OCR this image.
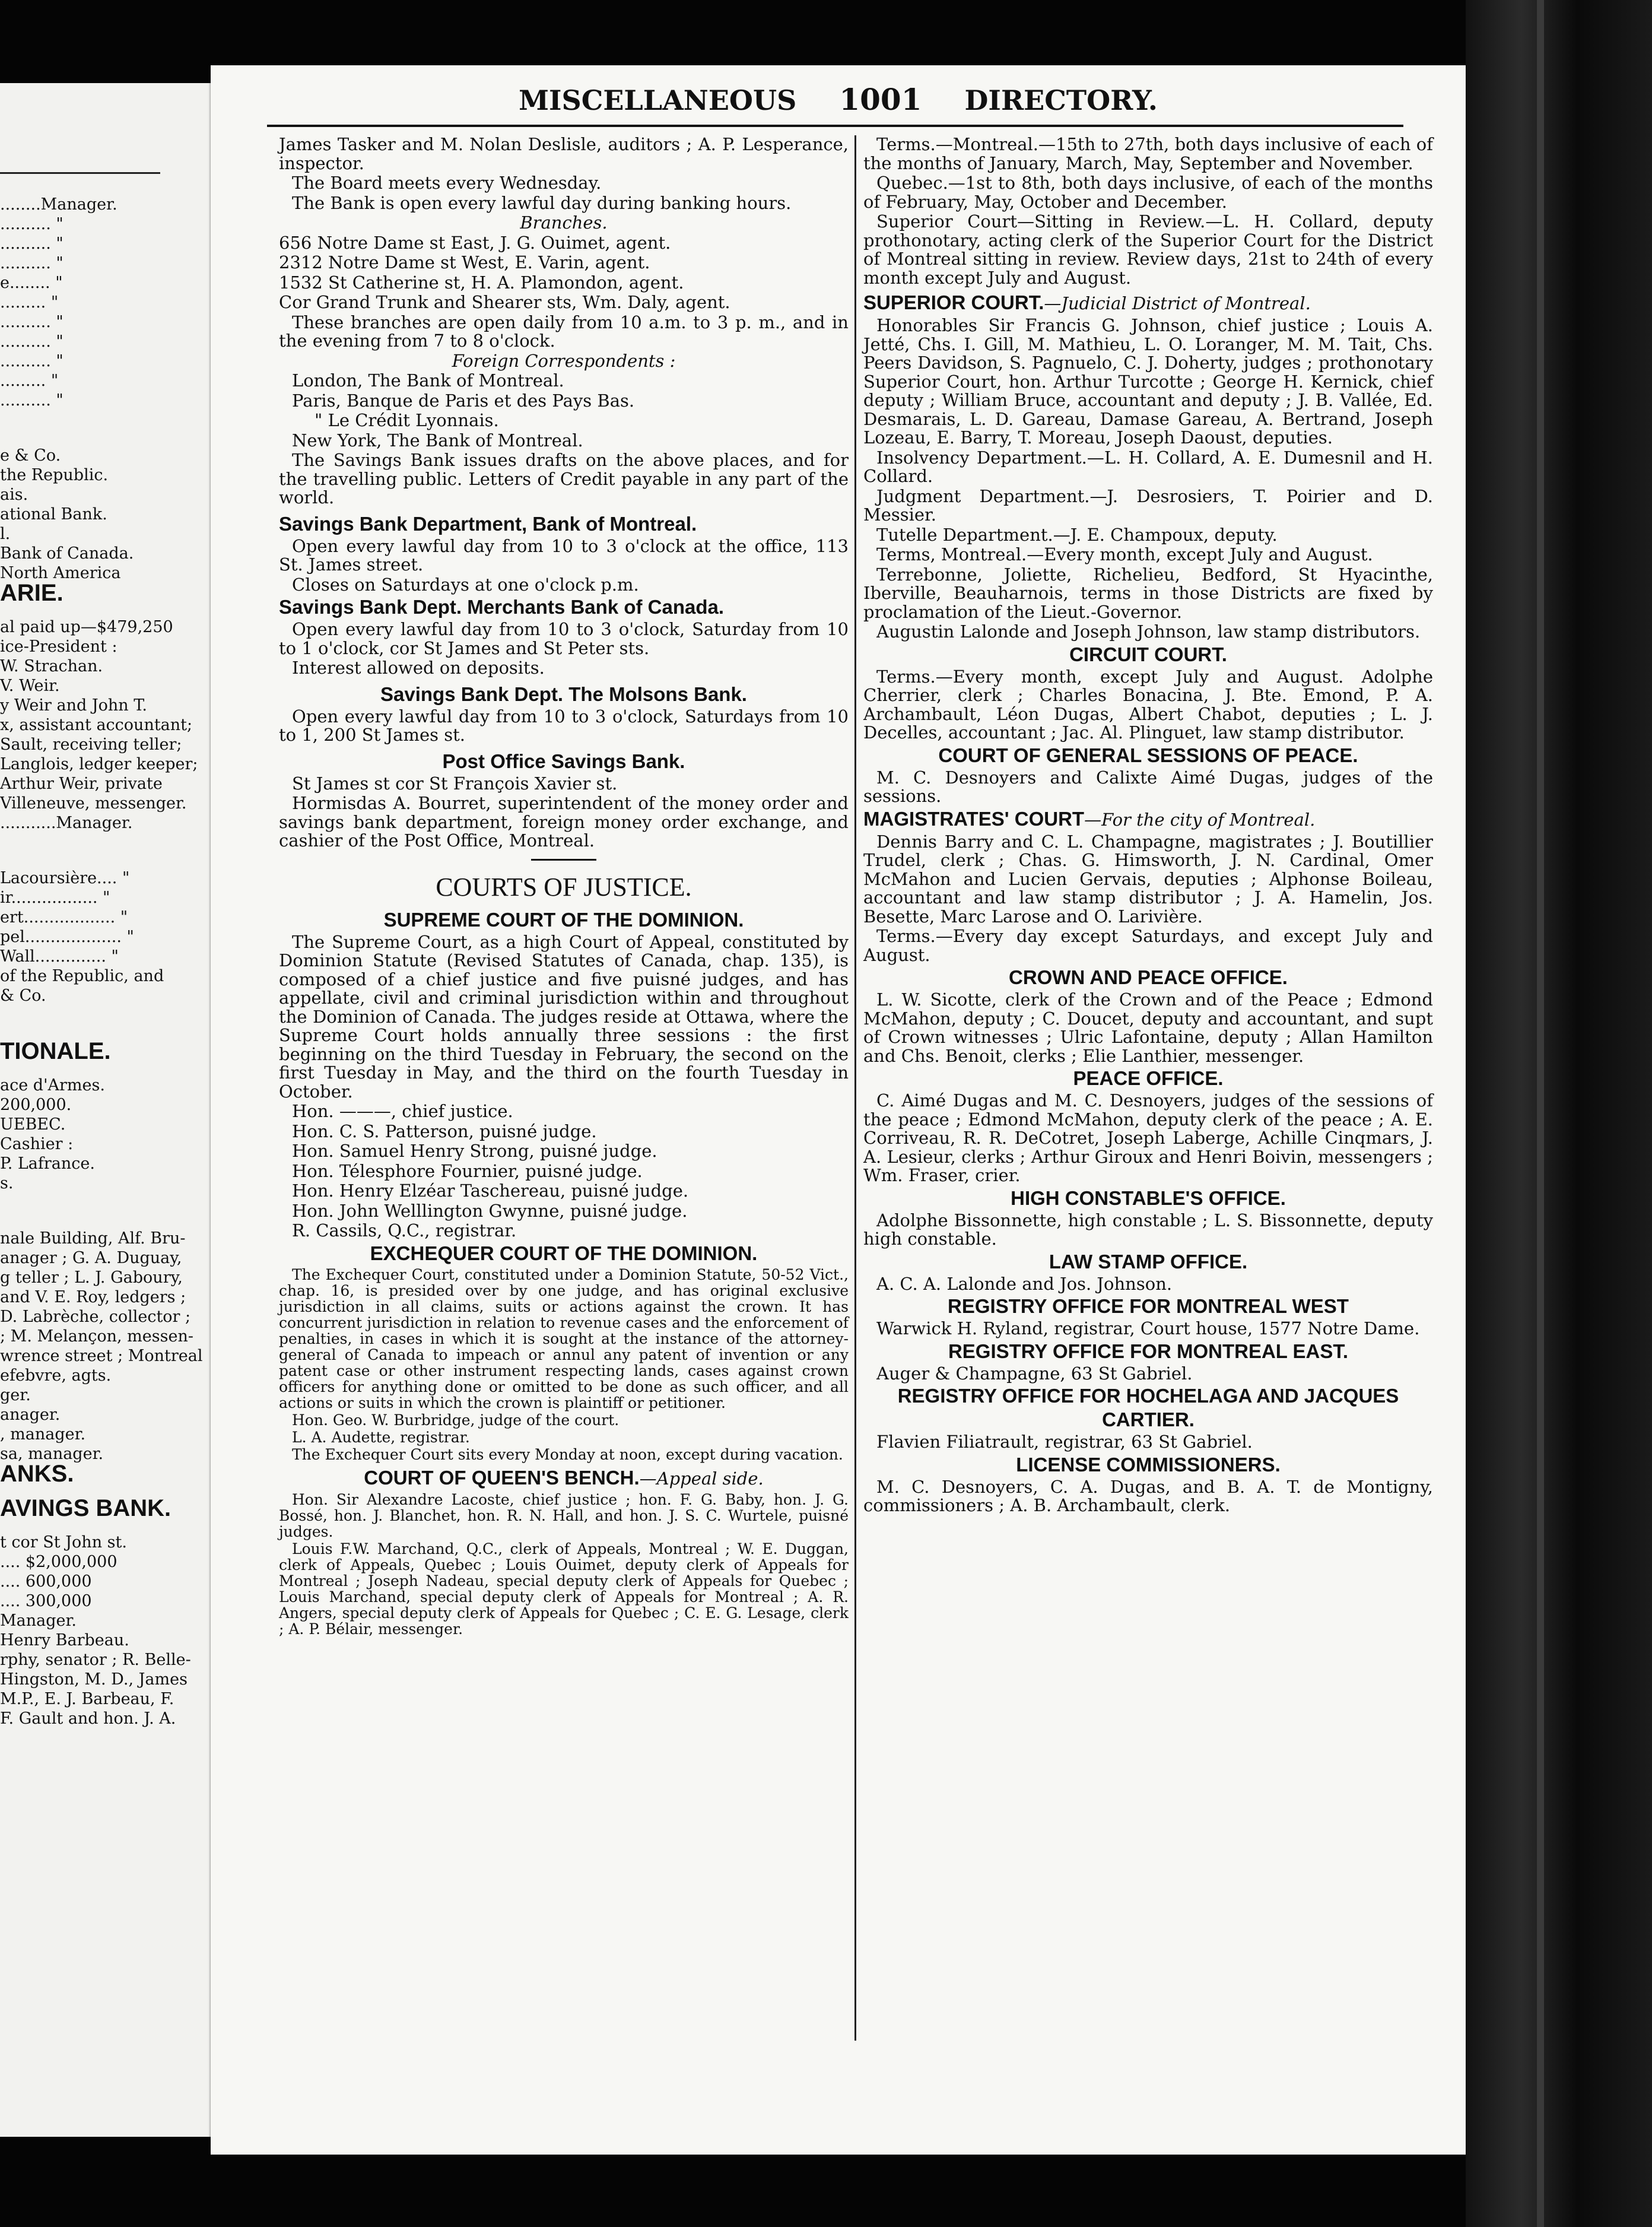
........Manager.
.......... "
.......... "
.......... "
e........ "
......... "
.......... "
.......... "
.......... "
......... "
.......... "
e & Co.
the Republic.
ais.
ational Bank.
l.
Bank of Canada.
North America
ARIE.
al paid up—$479,250
ice-President :
W. Strachan.
V. Weir.
y Weir and John T.
x, assistant accountant;
Sault, receiving teller;
Langlois, ledger keeper;
Arthur Weir, private
Villeneuve, messenger.
...........Manager.
Lacoursière.... "
ir................. "
ert.................. "
pel................... "
Wall.............. "
of the Republic, and
& Co.
TIONALE.
ace d'Armes.
200,000.
UEBEC.
Cashier :
P. Lafrance.
s.
nale Building, Alf. Bru-
anager ; G. A. Duguay,
g teller ; L. J. Gaboury,
and V. E. Roy, ledgers ;
D. Labrèche, collector ;
; M. Melançon, messen-
wrence street ; Montreal
efebvre, agts.
ger.
anager.
, manager.
sa, manager.
ANKS.
AVINGS BANK.
t cor St John st.
.... $2,000,000
.... 600,000
.... 300,000
Manager.
Henry Barbeau.
rphy, senator ; R. Belle-
Hingston, M. D., James
M.P., E. J. Barbeau, F.
F. Gault and hon. J. A.
MISCELLANEOUS 1001 DIRECTORY.

James Tasker and M. Nolan Deslisle, auditors ; A. P. Lesperance, inspector.

The Board meets every Wednesday.

The Bank is open every lawful day during banking hours.

Branches.

656 Notre Dame st East, J. G. Ouimet, agent.

2312 Notre Dame st West, E. Varin, agent.

1532 St Catherine st, H. A. Plamondon, agent.

Cor Grand Trunk and Shearer sts, Wm. Daly, agent.

These branches are open daily from 10 a.m. to 3 p. m., and in the evening from 7 to 8 o'clock.

Foreign Correspondents :

London, The Bank of Montreal.

Paris, Banque de Paris et des Pays Bas.

" Le Crédit Lyonnais.

New York, The Bank of Montreal.

The Savings Bank issues drafts on the above places, and for the travelling public. Letters of Credit payable in any part of the world.

Savings Bank Department, Bank of Montreal.

Open every lawful day from 10 to 3 o'clock at the office, 113 St. James street.

Closes on Saturdays at one o'clock p.m.

Savings Bank Dept. Merchants Bank of Canada.

Open every lawful day from 10 to 3 o'clock, Saturday from 10 to 1 o'clock, cor St James and St Peter sts.

Interest allowed on deposits.

Savings Bank Dept. The Molsons Bank.

Open every lawful day from 10 to 3 o'clock, Saturdays from 10 to 1, 200 St James st.

Post Office Savings Bank.

St James st cor St François Xavier st.

Hormisdas A. Bourret, superintendent of the money order and savings bank department, foreign money order exchange, and cashier of the Post Office, Montreal.

COURTS OF JUSTICE.

SUPREME COURT OF THE DOMINION.

The Supreme Court, as a high Court of Appeal, constituted by Dominion Statute (Revised Statutes of Canada, chap. 135), is composed of a chief justice and five puisné judges, and has appellate, civil and criminal jurisdiction within and throughout the Dominion of Canada. The judges reside at Ottawa, where the Supreme Court holds annually three sessions : the first beginning on the third Tuesday in February, the second on the first Tuesday in May, and the third on the fourth Tuesday in October.

Hon. ———, chief justice.

Hon. C. S. Patterson, puisné judge.

Hon. Samuel Henry Strong, puisné judge.

Hon. Télesphore Fournier, puisné judge.

Hon. Henry Elzéar Taschereau, puisné judge.

Hon. John Welllington Gwynne, puisné judge.

R. Cassils, Q.C., registrar.

EXCHEQUER COURT OF THE DOMINION.

The Exchequer Court, constituted under a Dominion Statute, 50-52 Vict., chap. 16, is presided over by one judge, and has original exclusive jurisdiction in all claims, suits or actions against the crown. It has concurrent jurisdiction in relation to revenue cases and the enforcement of penalties, in cases in which it is sought at the instance of the attorney-general of Canada to impeach or annul any patent of invention or any patent case or other instrument respecting lands, cases against crown officers for anything done or omitted to be done as such officer, and all actions or suits in which the crown is plaintiff or petitioner.

Hon. Geo. W. Burbridge, judge of the court.

L. A. Audette, registrar.

The Exchequer Court sits every Monday at noon, except during vacation.

COURT OF QUEEN'S BENCH.—Appeal side.

Hon. Sir Alexandre Lacoste, chief justice ; hon. F. G. Baby, hon. J. G. Bossé, hon. J. Blanchet, hon. R. N. Hall, and hon. J. S. C. Wurtele, puisné judges.

Louis F.W. Marchand, Q.C., clerk of Appeals, Montreal ; W. E. Duggan, clerk of Appeals, Quebec ; Louis Ouimet, deputy clerk of Appeals for Montreal ; Joseph Nadeau, special deputy clerk of Appeals for Quebec ; Louis Marchand, special deputy clerk of Appeals for Montreal ; A. R. Angers, special deputy clerk of Appeals for Quebec ; C. E. G. Lesage, clerk ; A. P. Bélair, messenger.

Terms.—Montreal.—15th to 27th, both days inclusive of each of the months of January, March, May, September and November.

Quebec.—1st to 8th, both days inclusive, of each of the months of February, May, October and December.

Superior Court—Sitting in Review.—L. H. Collard, deputy prothonotary, acting clerk of the Superior Court for the District of Montreal sitting in review. Review days, 21st to 24th of every month except July and August.

SUPERIOR COURT.—Judicial District of Montreal.

Honorables Sir Francis G. Johnson, chief justice ; Louis A. Jetté, Chs. I. Gill, M. Mathieu, L. O. Loranger, M. M. Tait, Chs. Peers Davidson, S. Pagnuelo, C. J. Doherty, judges ; prothonotary Superior Court, hon. Arthur Turcotte ; George H. Kernick, chief deputy ; William Bruce, accountant and deputy ; J. B. Vallée, Ed. Desmarais, L. D. Gareau, Damase Gareau, A. Bertrand, Joseph Lozeau, E. Barry, T. Moreau, Joseph Daoust, deputies.

Insolvency Department.—L. H. Collard, A. E. Dumesnil and H. Collard.

Judgment Department.—J. Desrosiers, T. Poirier and D. Messier.

Tutelle Department.—J. E. Champoux, deputy.

Terms, Montreal.—Every month, except July and August.

Terrebonne, Joliette, Richelieu, Bedford, St Hyacinthe, Iberville, Beauharnois, terms in those Districts are fixed by proclamation of the Lieut.-Governor.

Augustin Lalonde and Joseph Johnson, law stamp distributors.

CIRCUIT COURT.

Terms.—Every month, except July and August. Adolphe Cherrier, clerk ; Charles Bonacina, J. Bte. Emond, P. A. Archambault, Léon Dugas, Albert Chabot, deputies ; L. J. Decelles, accountant ; Jac. Al. Plinguet, law stamp distributor.

COURT OF GENERAL SESSIONS OF PEACE.

M. C. Desnoyers and Calixte Aimé Dugas, judges of the sessions.

MAGISTRATES' COURT—For the city of Montreal.

Dennis Barry and C. L. Champagne, magistrates ; J. Boutillier Trudel, clerk ; Chas. G. Himsworth, J. N. Cardinal, Omer McMahon and Lucien Gervais, deputies ; Alphonse Boileau, accountant and law stamp distributor ; J. A. Hamelin, Jos. Besette, Marc Larose and O. Larivière.

Terms.—Every day except Saturdays, and except July and August.

CROWN AND PEACE OFFICE.

L. W. Sicotte, clerk of the Crown and of the Peace ; Edmond McMahon, deputy ; C. Doucet, deputy and accountant, and supt of Crown witnesses ; Ulric Lafontaine, deputy ; Allan Hamilton and Chs. Benoit, clerks ; Elie Lanthier, messenger.

PEACE OFFICE.

C. Aimé Dugas and M. C. Desnoyers, judges of the sessions of the peace ; Edmond McMahon, deputy clerk of the peace ; A. E. Corriveau, R. R. DeCotret, Joseph Laberge, Achille Cinqmars, J. A. Lesieur, clerks ; Arthur Giroux and Henri Boivin, messengers ; Wm. Fraser, crier.

HIGH CONSTABLE'S OFFICE.

Adolphe Bissonnette, high constable ; L. S. Bissonnette, deputy high constable.

LAW STAMP OFFICE.

A. C. A. Lalonde and Jos. Johnson.

REGISTRY OFFICE FOR MONTREAL WEST

Warwick H. Ryland, registrar, Court house, 1577 Notre Dame.

REGISTRY OFFICE FOR MONTREAL EAST.

Auger & Champagne, 63 St Gabriel.

REGISTRY OFFICE FOR HOCHELAGA AND JACQUES CARTIER.

Flavien Filiatrault, registrar, 63 St Gabriel.

LICENSE COMMISSIONERS.

M. C. Desnoyers, C. A. Dugas, and B. A. T. de Montigny, commissioners ; A. B. Archambault, clerk.
